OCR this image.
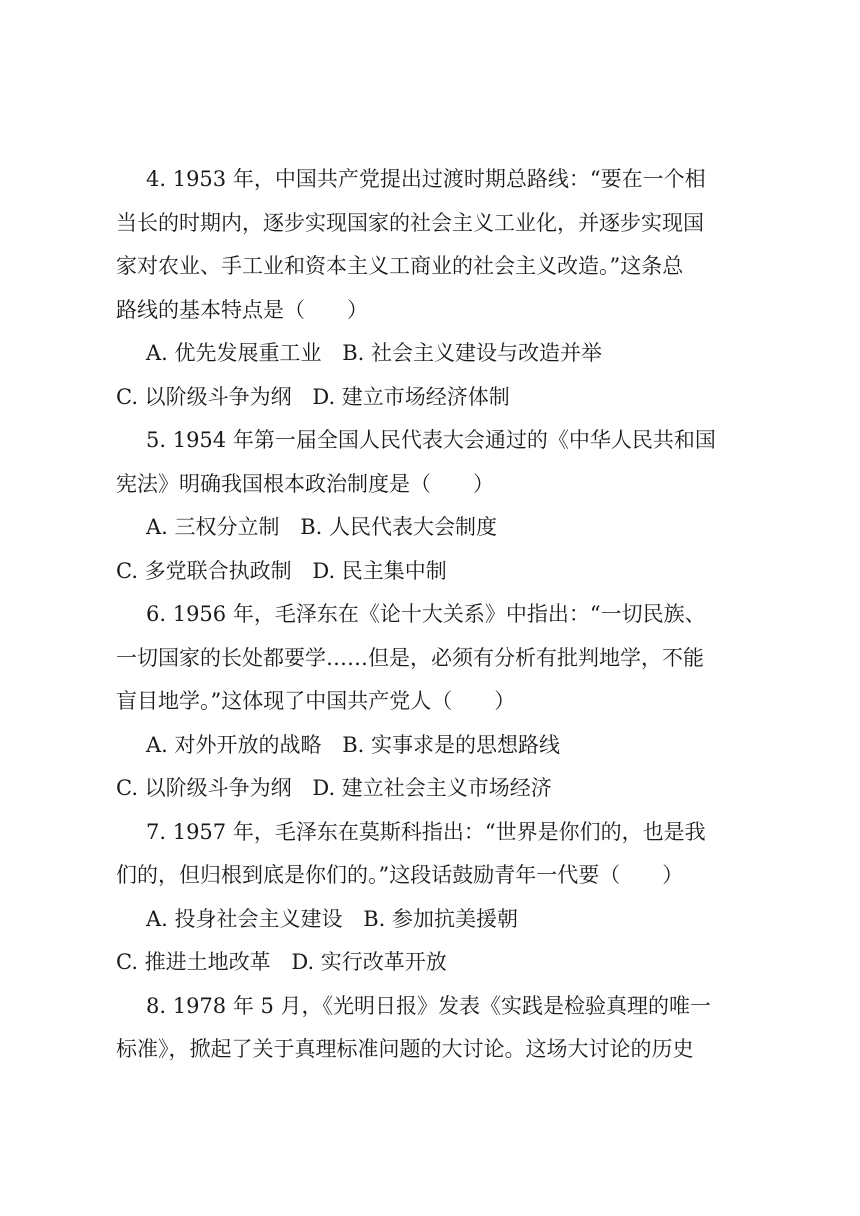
4. 1953 年，中国共产党提出过渡时期总路线：“要在一个相
当长的时期内，逐步实现国家的社会主义工业化，并逐步实现国
家对农业、手工业和资本主义工商业的社会主义改造。”这条总
路线的基本特点是（　　）
A. 优先发展重工业 B. 社会主义建设与改造并举
C. 以阶级斗争为纲 D. 建立市场经济体制
5. 1954 年第一届全国人民代表大会通过的《中华人民共和国
宪法》明确我国根本政治制度是（　　）
A. 三权分立制 B. 人民代表大会制度
C. 多党联合执政制 D. 民主集中制
6. 1956 年，毛泽东在《论十大关系》中指出：“一切民族、
一切国家的长处都要学……但是，必须有分析有批判地学，不能
盲目地学。”这体现了中国共产党人（　　）
A. 对外开放的战略 B. 实事求是的思想路线
C. 以阶级斗争为纲 D. 建立社会主义市场经济
7. 1957 年，毛泽东在莫斯科指出：“世界是你们的，也是我
们的，但归根到底是你们的。”这段话鼓励青年一代要（　　）
A. 投身社会主义建设 B. 参加抗美援朝
C. 推进土地改革 D. 实行改革开放
8. 1978 年 5 月，《光明日报》发表《实践是检验真理的唯一
标准》，掀起了关于真理标准问题的大讨论。这场大讨论的历史
